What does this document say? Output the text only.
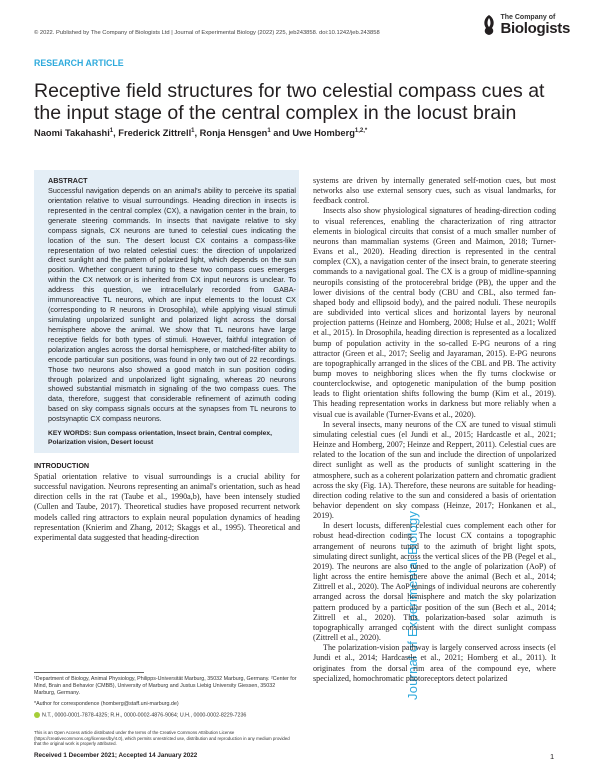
© 2022. Published by The Company of Biologists Ltd | Journal of Experimental Biology (2022) 225, jeb243858. doi:10.1242/jeb.243858
The Company of
Biologists
Journal of Experimental Biology
RESEARCH ARTICLE
Receptive field structures for two celestial compass cues at the input stage of the central complex in the locust brain
Naomi Takahashi$^1$, Frederick Zittrell$^1$, Ronja Hensgen$^1$ and Uwe Homberg$^{1,2,*}$
ABSTRACT

Successful navigation depends on an animal's ability to perceive its spatial orientation relative to visual surroundings. Heading direction in insects is represented in the central complex (CX), a navigation center in the brain, to generate steering commands. In insects that navigate relative to sky compass signals, CX neurons are tuned to celestial cues indicating the location of the sun. The desert locust CX contains a compass-like representation of two related celestial cues: the direction of unpolarized direct sunlight and the pattern of polarized light, which depends on the sun position. Whether congruent tuning to these two compass cues emerges within the CX network or is inherited from CX input neurons is unclear. To address this question, we intracellularly recorded from GABA-immunoreactive TL neurons, which are input elements to the locust CX (corresponding to R neurons in Drosophila), while applying visual stimuli simulating unpolarized sunlight and polarized light across the dorsal hemisphere above the animal. We show that TL neurons have large receptive fields for both types of stimuli. However, faithful integration of polarization angles across the dorsal hemisphere, or matched-filter ability to encode particular sun positions, was found in only two out of 22 recordings. Those two neurons also showed a good match in sun position coding through polarized and unpolarized light signaling, whereas 20 neurons showed substantial mismatch in signaling of the two compass cues. The data, therefore, suggest that considerable refinement of azimuth coding based on sky compass signals occurs at the synapses from TL neurons to postsynaptic CX compass neurons.

INTRODUCTION

Spatial orientation relative to visual surroundings is a crucial ability for successful navigation. Neurons representing an animal's orientation, such as head direction cells in the rat (Taube et al., 1990a,b), have been intensely studied (Cullen and Taube, 2017). Theoretical studies have proposed recurrent network models called ring attractors to explain neural population dynamics of heading representation (Knierim and Zhang, 2012; Skaggs et al., 1995). Theoretical and experimental data suggested that heading-direction

systems are driven by internally generated self-motion cues, but most networks also use external sensory cues, such as visual landmarks, for feedback control.

Insects also show physiological signatures of heading-direction coding to visual references, enabling the characterization of ring attractor elements in biological circuits that consist of a much smaller number of neurons than mammalian systems (Green and Maimon, 2018; Turner-Evans et al., 2020). Heading direction is represented in the central complex (CX), a navigation center of the insect brain, to generate steering commands to a navigational goal. The CX is a group of midline-spanning neuropils consisting of the protocerebral bridge (PB), the upper and the lower divisions of the central body (CBU and CBL, also termed fan-shaped body and ellipsoid body), and the paired noduli. These neuropils are subdivided into vertical slices and horizontal layers by neuronal projection patterns (Heinze and Homberg, 2008; Hulse et al., 2021; Wolff et al., 2015). In Drosophila, heading direction is represented as a localized bump of population activity in the so-called E-PG neurons of a ring attractor (Green et al., 2017; Seelig and Jayaraman, 2015). E-PG neurons are topographically arranged in the slices of the CBL and PB. The activity bump moves to neighboring slices when the fly turns clockwise or counterclockwise, and optogenetic manipulation of the bump position leads to flight orientation shifts following the bump (Kim et al., 2019). This heading representation works in darkness but more reliably when a visual cue is available (Turner-Evans et al., 2020).

In several insects, many neurons of the CX are tuned to visual stimuli simulating celestial cues (el Jundi et al., 2015; Hardcastle et al., 2021; Heinze and Homberg, 2007; Heinze and Reppert, 2011). Celestial cues are related to the location of the sun and include the direction of unpolarized direct sunlight as well as the products of sunlight scattering in the atmosphere, such as a coherent polarization pattern and chromatic gradient across the sky (Fig. 1A). Therefore, these neurons are suitable for heading-direction coding relative to the sun and considered a basis of orientation behavior dependent on sky compass (Heinze, 2017; Honkanen et al., 2019).

In desert locusts, different celestial cues complement each other for robust head-direction coding. The locust CX contains a topographic arrangement of neurons tuned to the azimuth of bright light spots, simulating direct sunlight, across the vertical slices of the PB (Pegel et al., 2019). The neurons are also tuned to the angle of polarization (AoP) of light across the entire hemisphere above the animal (Bech et al., 2014; Zittrell et al., 2020). The AoP tunings of individual neurons are coherently arranged across the dorsal hemisphere and match the sky polarization pattern produced by a particular position of the sun (Bech et al., 2014; Zittrell et al., 2020). This polarization-based solar azimuth is topographically arranged consistent with the direct sunlight compass (Zittrell et al., 2020).

The polarization-vision pathway is largely conserved across insects (el Jundi et al., 2014; Hardcastle et al., 2021; Homberg et al., 2011). It originates from the dorsal rim area of the compound eye, where specialized, homochromatic photoreceptors detect polarized

¹Department of Biology, Animal Physiology, Philipps-Universität Marburg, 35032 Marburg, Germany. ²Center for Mind, Brain and Behavior (CMBB), University of Marburg and Justus Liebig University Giessen, 35032 Marburg, Germany.

*Author for correspondence (homberg@staff.uni-marburg.de)

N.T., 0000-0001-7878-4325; R.H., 0000-0002-4876-9064; U.H., 0000-0002-8229-7236

This is an Open Access article distributed under the terms of the Creative Commons Attribution License (https://creativecommons.org/licenses/by/4.0), which permits unrestricted use, distribution and reproduction in any medium provided that the original work is properly attributed.
Received 1 December 2021; Accepted 14 January 2022	1
KEY WORDS: Sun compass orientation, Insect brain, Central complex, Polarization vision, Desert locust
